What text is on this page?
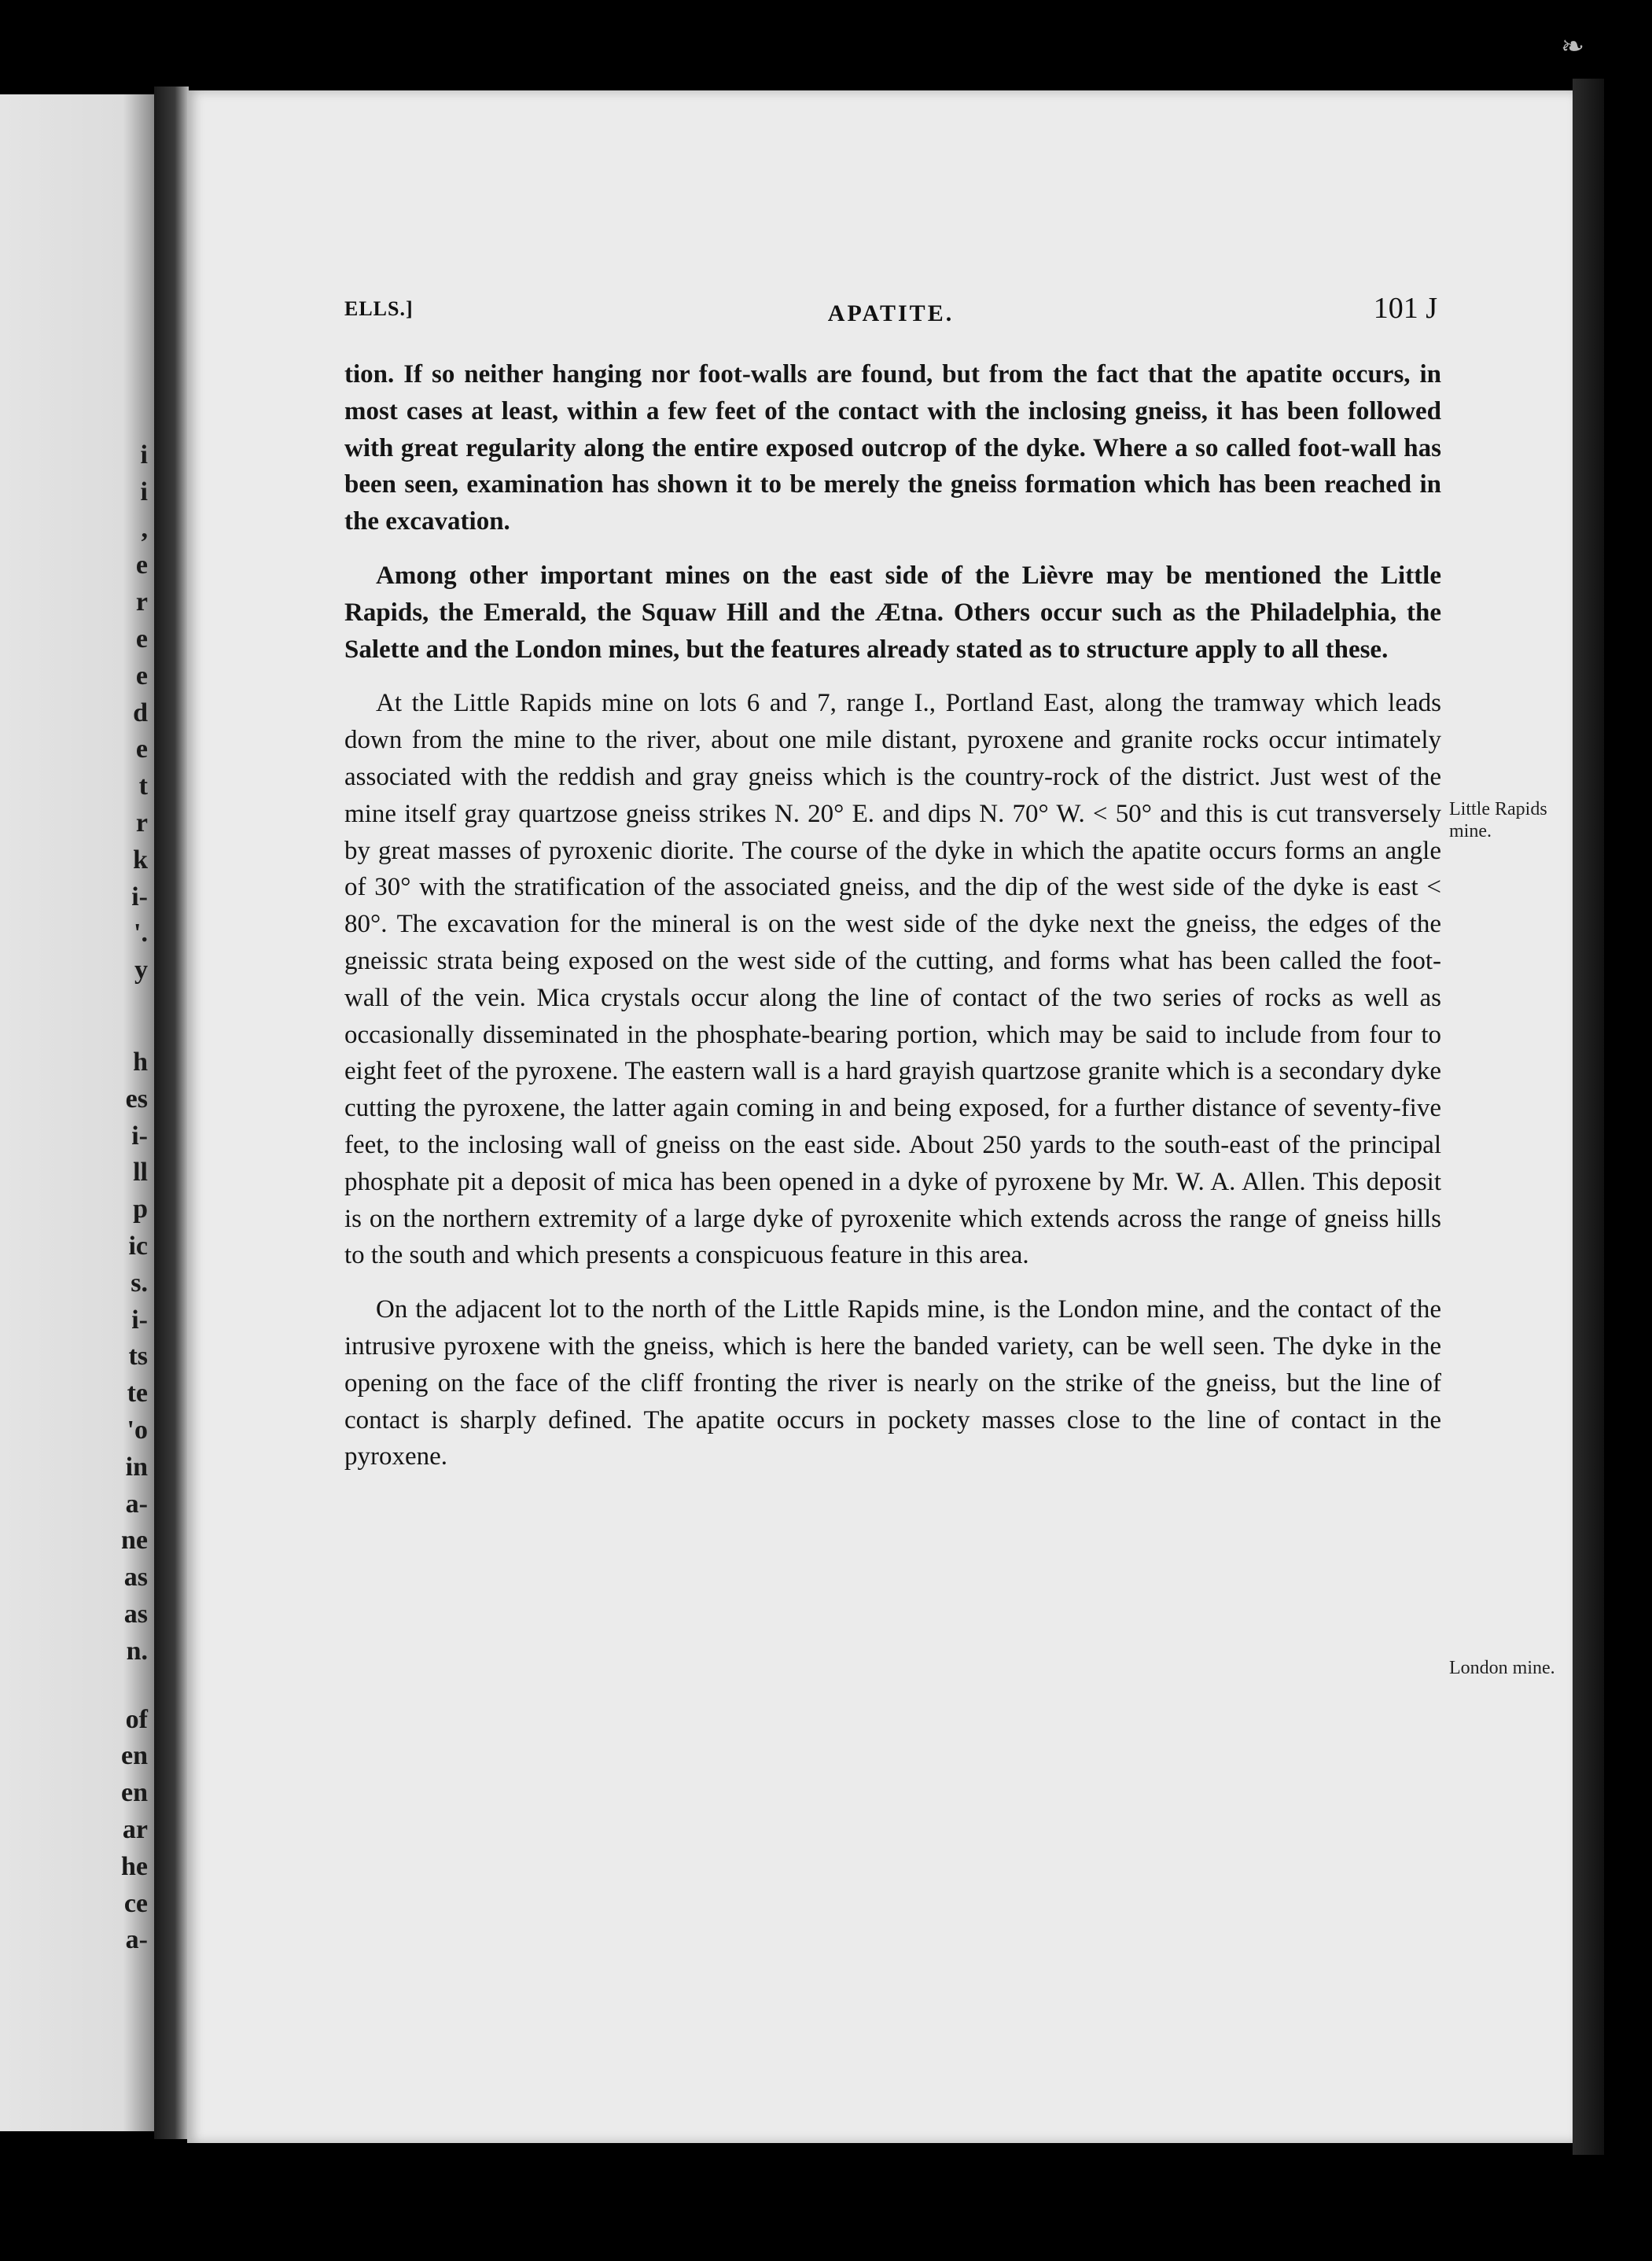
i
i
,
e
r
e
e
d
e
t
r
k
i-
'.
y
h
es
i-
ll
p
ic
s.
i-
ts
te
'o
in
a-
ne
as
as
n.
of
en
en
ar
he
ce
a-
❧
ELLS.]	APATITE.	101 J

tion. If so neither hanging nor foot-walls are found, but from the fact that the apatite occurs, in most cases at least, within a few feet of the contact with the inclosing gneiss, it has been followed with great regularity along the entire exposed outcrop of the dyke. Where a so called foot-wall has been seen, examination has shown it to be merely the gneiss formation which has been reached in the excavation.

Among other important mines on the east side of the Lièvre may be mentioned the Little Rapids, the Emerald, the Squaw Hill and the Ætna. Others occur such as the Philadelphia, the Salette and the London mines, but the features already stated as to structure apply to all these.

At the Little Rapids mine on lots 6 and 7, range I., Portland East, along the tramway which leads down from the mine to the river, about one mile distant, pyroxene and granite rocks occur intimately associated with the reddish and gray gneiss which is the country-rock of the district. Just west of the mine itself gray quartzose gneiss strikes N. 20° E. and dips N. 70° W. < 50° and this is cut transversely by great masses of pyroxenic diorite. The course of the dyke in which the apatite occurs forms an angle of 30° with the stratification of the associated gneiss, and the dip of the west side of the dyke is east < 80°. The excavation for the mineral is on the west side of the dyke next the gneiss, the edges of the gneissic strata being exposed on the west side of the cutting, and forms what has been called the foot-wall of the vein. Mica crystals occur along the line of contact of the two series of rocks as well as occasionally disseminated in the phosphate-bearing portion, which may be said to include from four to eight feet of the pyroxene. The eastern wall is a hard grayish quartzose granite which is a secondary dyke cutting the pyroxene, the latter again coming in and being exposed, for a further distance of seventy-five feet, to the inclosing wall of gneiss on the east side. About 250 yards to the south-east of the principal phosphate pit a deposit of mica has been opened in a dyke of pyroxene by Mr. W. A. Allen. This deposit is on the northern extremity of a large dyke of pyroxenite which extends across the range of gneiss hills to the south and which presents a conspicuous feature in this area.

On the adjacent lot to the north of the Little Rapids mine, is the London mine, and the contact of the intrusive pyroxene with the gneiss, which is here the banded variety, can be well seen. The dyke in the opening on the face of the cliff fronting the river is nearly on the strike of the gneiss, but the line of contact is sharply defined. The apatite occurs in pockety masses close to the line of contact in the pyroxene.

Little Rapids mine.
London mine.
